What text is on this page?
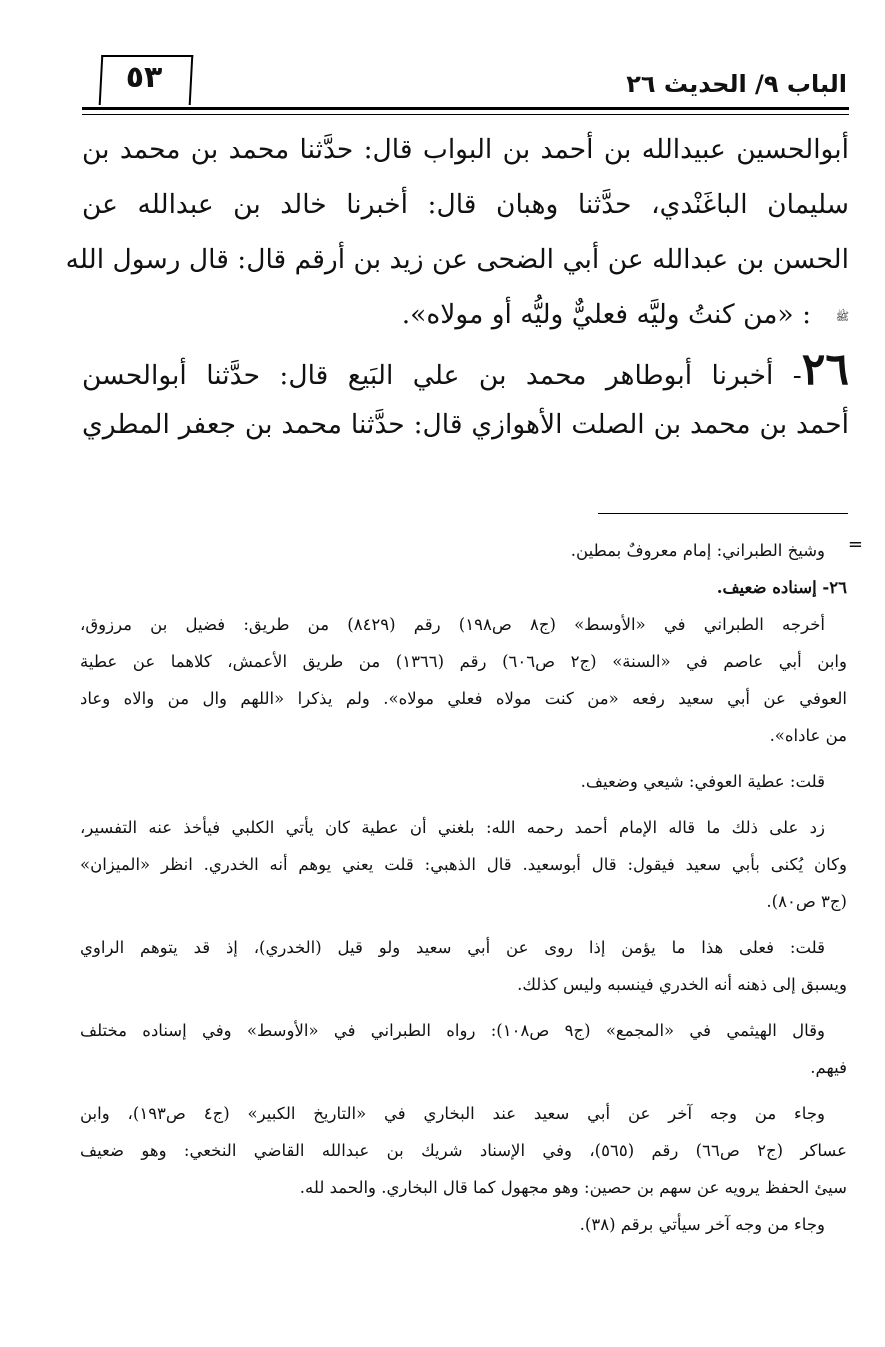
الباب ٩/ الحديث ٢٦
٥٣
أبوالحسين عبيدالله بن أحمد بن البواب قال: حدَّثنا محمد بن محمد بن
سليمان الباغَنْدي، حدَّثنا وهبان قال: أخبرنا خالد بن عبدالله عن
الحسن بن عبدالله عن أبي الضحى عن زيد بن أرقم قال: قال رسول الله
ﷺ: «من كنتُ وليَّه فعليٌّ وليُّه أو مولاه».
٢٦- أخبرنا أبوطاهر محمد بن علي البَيع قال: حدَّثنا أبوالحسن
أحمد بن محمد بن الصلت الأهوازي قال: حدَّثنا محمد بن جعفر المطري
=
وشيخ الطبراني: إمام معروفٌ بمطين.
٢٦- إسناده ضعيف.
أخرجه الطبراني في «الأوسط» (ج٨ ص١٩٨) رقم (٨٤٢٩) من طريق: فضيل بن مرزوق،
وابن أبي عاصم في «السنة» (ج٢ ص٦٠٦) رقم (١٣٦٦) من طريق الأعمش، كلاهما عن عطية
العوفي عن أبي سعيد رفعه «من كنت مولاه فعلي مولاه». ولم يذكرا «اللهم وال من والاه وعاد
من عاداه».
قلت: عطية العوفي: شيعي وضعيف.
زد على ذلك ما قاله الإمام أحمد رحمه الله: بلغني أن عطية كان يأتي الكلبي فيأخذ عنه التفسير،
وكان يُكنى بأبي سعيد فيقول: قال أبوسعيد. قال الذهبي: قلت يعني يوهم أنه الخدري. انظر «الميزان»
(ج٣ ص٨٠).
قلت: فعلى هذا ما يؤمن إذا روى عن أبي سعيد ولو قيل (الخدري)، إذ قد يتوهم الراوي
ويسبق إلى ذهنه أنه الخدري فينسبه وليس كذلك.
وقال الهيثمي في «المجمع» (ج٩ ص١٠٨): رواه الطبراني في «الأوسط» وفي إسناده مختلف
فيهم.
وجاء من وجه آخر عن أبي سعيد عند البخاري في «التاريخ الكبير» (ج٤ ص١٩٣)، وابن
عساكر (ج٢ ص٦٦) رقم (٥٦٥)، وفي الإسناد شريك بن عبدالله القاضي النخعي: وهو ضعيف
سيئ الحفظ يرويه عن سهم بن حصين: وهو مجهول كما قال البخاري. والحمد لله.
وجاء من وجه آخر سيأتي برقم (٣٨).
